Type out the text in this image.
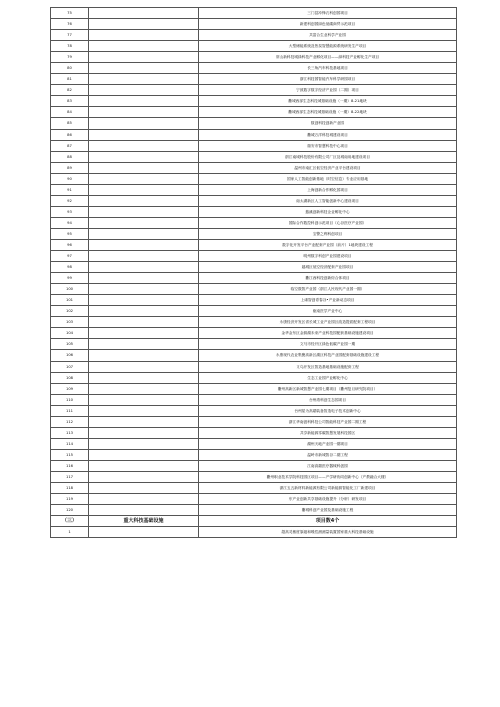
75		三门县冲锋衣科创园项目
76		新建科创园绿色低碳商贸示范项目
77		共富合生业科学产业园
78		大型储能系统及热泵智慧能源系统研发生产项目
79		常山新科技城绿科技产业孵化项目——绿科技产业孵化生产项目
80		长三角汽车科技基地项目
81		浙江科技园智能汽车科学研园项目
82		宁波数字数字经济产业园（二期）项目
83		衢城西部生态科技城基础设施（一期）8-21地块
84		衢城西部生态科技城基础设施（一期）8-22地块
85		数创科技创新产业园
86		衢城万洋科技城建设项目
87		瑞安市智慧科技中心项目
88		浙江南城科技股份有限公司厂区及城南用地建设项目
89		温州市南汇区低空经济产业平台建设项目
90		国家人工智能创新基地（时空信息）专业应用基地
91		上海创新合作孵化园项目
92		南太湖新区人工智能创新中心建设项目
93		慈溪创新科技企业孵化中心
94		国际合作数控科创示范项目（心谷医疗产业园）
95		宝警之利科创项目
96		数字化开发平台产业配套产业园（前片）1地块建设工程
97		明州数字科创产业园建设项目
98		越城区低空经济配套产业园项目
99		衢江西科技创新综合体项目
100		临空数智产业园（浙江人民现代产业园一期）
101		上虞智创青春谷•产业新动态项目
102		瓯南医学产业中心
103		永康经济开发区省长城工业产业园区改造提质配套工程项目
104		金华金东区金源湖未来产业科技园配套基础设施建设项目
105		文马市经开区绿色低碳产业园一期
106		永康现代农业集聚高新区湖区科技产业园配套基础设施建设工程
107		义乌开发区智造基地基础设施配套工程
108		生态工业园产业孵化中心
109		衢州高新区新城智慧产业园七期项目（衢州复旦研究院项目）
110		台州湾科创生态园项目
111		台州星为高端装备智造电子技术创新中心
112		浙江华南创科科技公司智能科技产业园二期工程
113		共享新能源零碳智慧发展科技园区
114		湖州天地产业园一期项目
115		温岭市新城智谷二期工程
116		江南高端医疗器械科创园
117		衢州职业技术学院科技园区项目——产学研协同创新中心（产教融合大楼）
118		浙江五五新材料新能源有限公司新能源智能化工厂新建项目
119		东产业创新共享基础设施提升（分析）研发项目
120		衢城科创产业园及基础设施工程
（三）	重大科技基础设施	项目数4个
1		超高灵敏度原磁和嗅性测测量装置国家重大科技基础设施
